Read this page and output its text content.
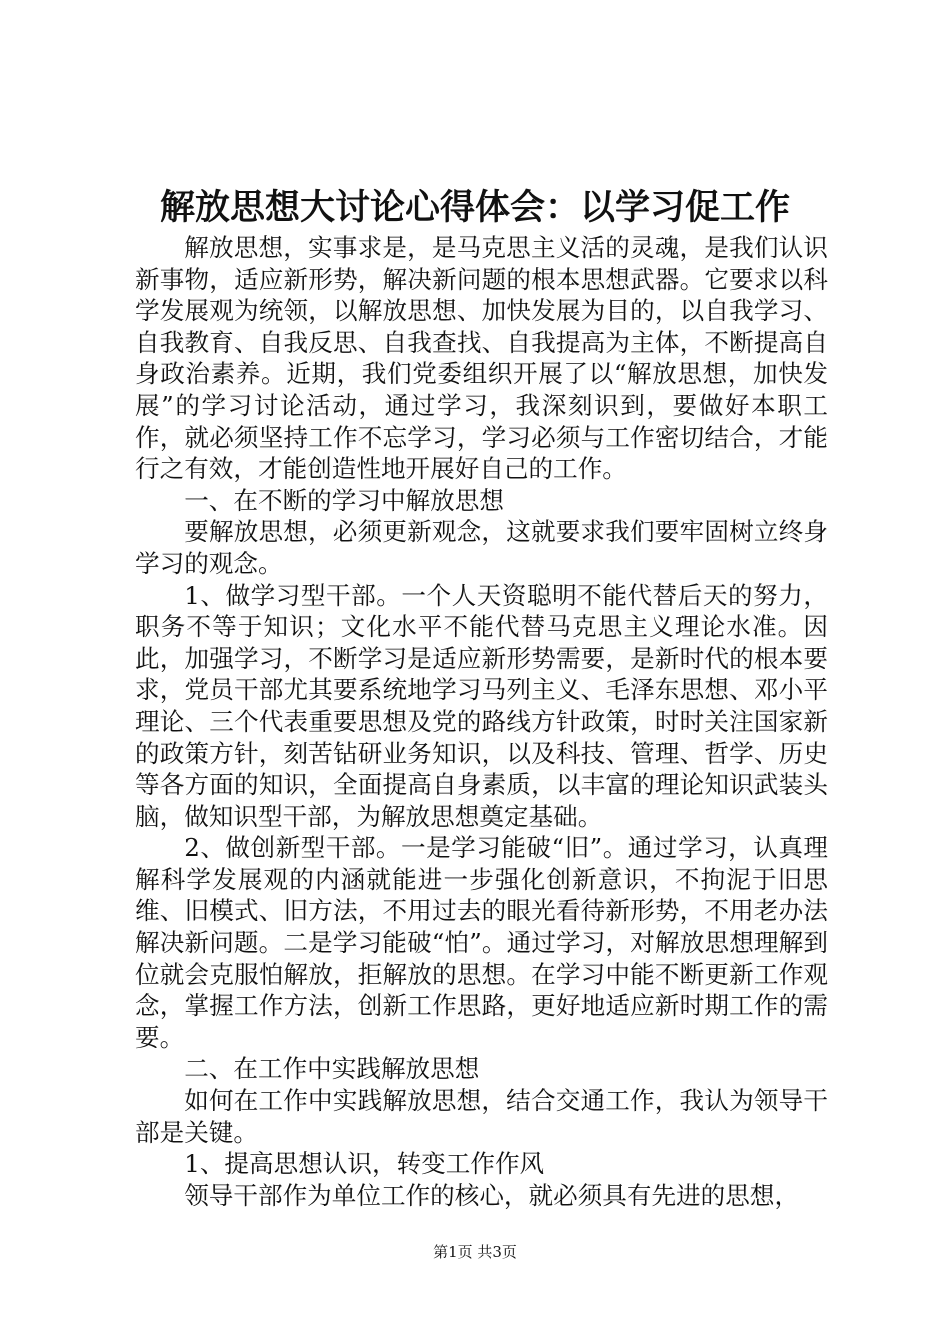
解放思想大讨论心得体会：以学习促工作

解放思想，实事求是，是马克思主义活的灵魂，是我们认识新事物，适应新形势，解决新问题的根本思想武器。它要求以科学发展观为统领，以解放思想、加快发展为目的，以自我学习、自我教育、自我反思、自我查找、自我提高为主体，不断提高自身政治素养。近期，我们党委组织开展了以“解放思想，加快发展”的学习讨论活动，通过学习，我深刻识到，要做好本职工作，就必须坚持工作不忘学习，学习必须与工作密切结合，才能行之有效，才能创造性地开展好自己的工作。

一、在不断的学习中解放思想

要解放思想，必须更新观念，这就要求我们要牢固树立终身学习的观念。

1、做学习型干部。一个人天资聪明不能代替后天的努力，职务不等于知识；文化水平不能代替马克思主义理论水准。因此，加强学习，不断学习是适应新形势需要，是新时代的根本要求，党员干部尤其要系统地学习马列主义、毛泽东思想、邓小平理论、三个代表重要思想及党的路线方针政策，时时关注国家新的政策方针，刻苦钻研业务知识，以及科技、管理、哲学、历史等各方面的知识，全面提高自身素质，以丰富的理论知识武装头脑，做知识型干部，为解放思想奠定基础。

2、做创新型干部。一是学习能破“旧”。通过学习，认真理解科学发展观的内涵就能进一步强化创新意识，不拘泥于旧思维、旧模式、旧方法，不用过去的眼光看待新形势，不用老办法解决新问题。二是学习能破“怕”。通过学习，对解放思想理解到位就会克服怕解放，拒解放的思想。在学习中能不断更新工作观念，掌握工作方法，创新工作思路，更好地适应新时期工作的需要。

二、在工作中实践解放思想

如何在工作中实践解放思想，结合交通工作，我认为领导干部是关键。

1、提高思想认识，转变工作作风

领导干部作为单位工作的核心，就必须具有先进的思想，

第1页 共3页
